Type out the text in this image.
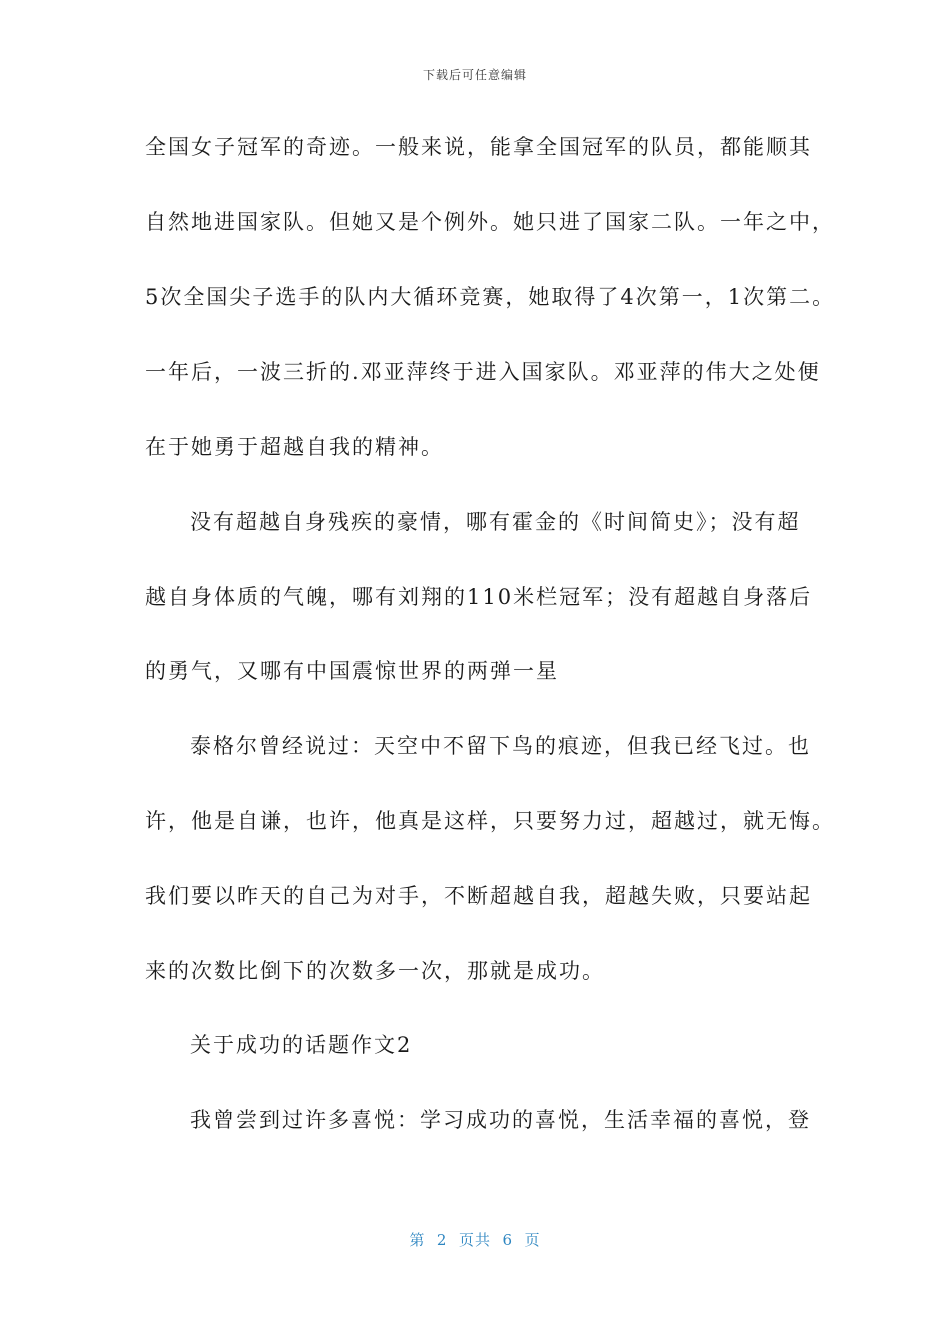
下载后可任意编辑
全国女子冠军的奇迹。一般来说，能拿全国冠军的队员，都能顺其
自然地进国家队。但她又是个例外。她只进了国家二队。一年之中，
5次全国尖子选手的队内大循环竞赛，她取得了4次第一，1次第二。
一年后，一波三折的.邓亚萍终于进入国家队。邓亚萍的伟大之处便
在于她勇于超越自我的精神。
没有超越自身残疾的豪情，哪有霍金的《时间简史》；没有超
越自身体质的气魄，哪有刘翔的110米栏冠军；没有超越自身落后
的勇气，又哪有中国震惊世界的两弹一星
泰格尔曾经说过：天空中不留下鸟的痕迹，但我已经飞过。也
许，他是自谦，也许，他真是这样，只要努力过，超越过，就无悔。
我们要以昨天的自己为对手，不断超越自我，超越失败，只要站起
来的次数比倒下的次数多一次，那就是成功。
关于成功的话题作文2
我曾尝到过许多喜悦：学习成功的喜悦，生活幸福的喜悦，登
第  2  页共  6  页
